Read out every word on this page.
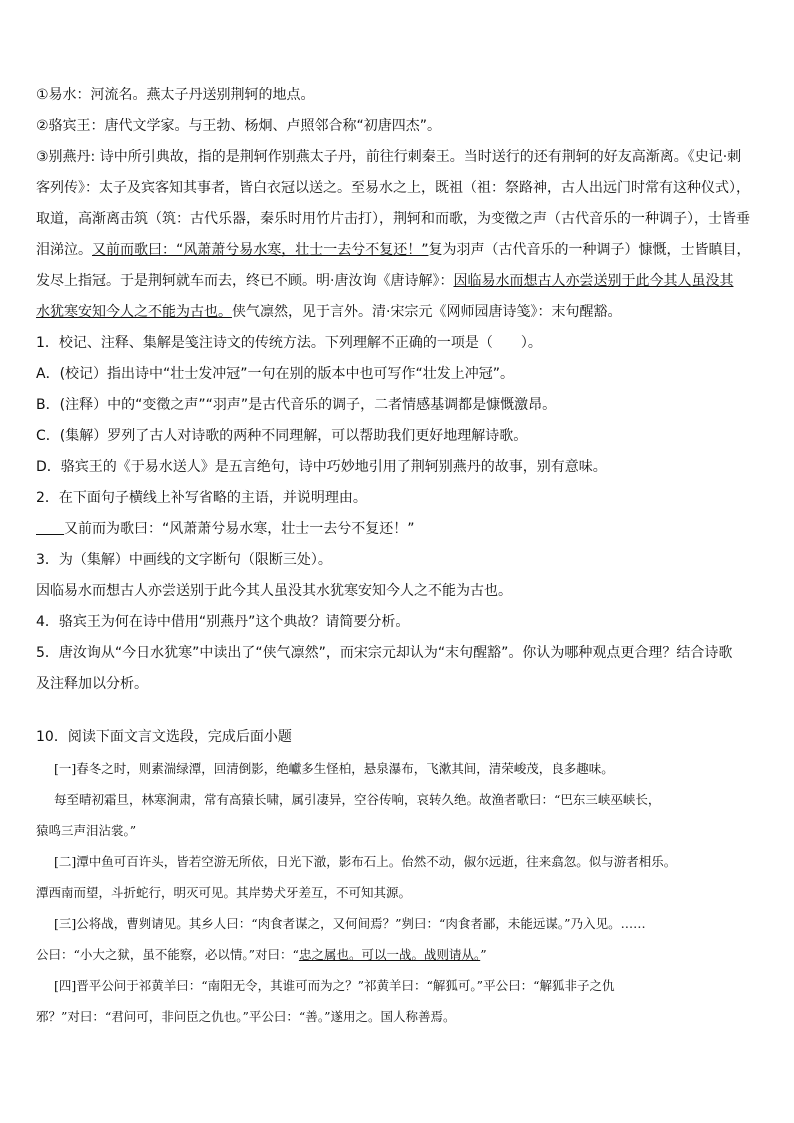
①易水：河流名。燕太子丹送别荆轲的地点。
②骆宾王：唐代文学家。与王勃、杨炯、卢照邻合称“初唐四杰”。
③别燕丹: 诗中所引典故，指的是荆轲作别燕太子丹，前往行刺秦王。当时送行的还有荆轲的好友高渐离。《史记·刺
客列传》：太子及宾客知其事者，皆白衣冠以送之。至易水之上，既祖（祖：祭路神，古人出远门时常有这种仪式），
取道，高渐离击筑（筑：古代乐器，秦乐时用竹片击打），荆轲和而歌，为变徵之声（古代音乐的一种调子），士皆垂
泪涕泣。又前而歌曰：“风萧萧兮易水寒，壮士一去兮不复还！”复为羽声（古代音乐的一种调子）慷慨，士皆瞋目，
发尽上指冠。于是荆轲就车而去，终已不顾。明·唐汝询《唐诗解》：因临易水而想古人亦尝送别于此今其人虽没其
水犹寒安知今人之不能为古也。侠气凛然，见于言外。清·宋宗元《网师园唐诗笺》：末句醒豁。
1．校记、注释、集解是笺注诗文的传统方法。下列理解不正确的一项是（　　）。
A．(校记）指出诗中“壮士发冲冠”一句在别的版本中也可写作“壮发上冲冠”。
B．(注释）中的“变徵之声”“羽声”是古代音乐的调子，二者情感基调都是慷慨激昂。
C．(集解）罗列了古人对诗歌的两种不同理解，可以帮助我们更好地理解诗歌。
D．骆宾王的《于易水送人》是五言绝句，诗中巧妙地引用了荆轲别燕丹的故事，别有意味。
2．在下面句子横线上补写省略的主语，并说明理由。
又前而为歌曰：“风萧萧兮易水寒，壮士一去兮不复还！”
3．为（集解）中画线的文字断句（限断三处）。
因临易水而想古人亦尝送别于此今其人虽没其水犹寒安知今人之不能为古也。
4．骆宾王为何在诗中借用“别燕丹”这个典故？请简要分析。
5．唐汝询从“今日水犹寒”中读出了“侠气凛然”，而宋宗元却认为“末句醒豁”。你认为哪种观点更合理？结合诗歌
及注释加以分析。
10．阅读下面文言文选段，完成后面小题
[一]春冬之时，则素湍绿潭，回清倒影，绝巘多生怪柏，悬泉瀑布，飞漱其间，清荣峻茂，良多趣味。
每至晴初霜旦，林寒涧肃，常有高猿长啸，属引凄异，空谷传响，哀转久绝。故渔者歌曰：“巴东三峡巫峡长，
猿鸣三声泪沾裳。”
[二]潭中鱼可百许头，皆若空游无所依，日光下澈，影布石上。佁然不动，俶尔远逝，往来翕忽。似与游者相乐。
潭西南而望，斗折蛇行，明灭可见。其岸势犬牙差互，不可知其源。
[三]公将战，曹刿请见。其乡人曰：“肉食者谋之，又何间焉？”刿曰：“肉食者鄙，未能远谋。”乃入见。……
公曰：“小大之狱，虽不能察，必以情。”对曰：“忠之属也。可以一战。战则请从。”
[四]晋平公问于祁黄羊曰：“南阳无令，其谁可而为之？”祁黄羊曰：“解狐可。”平公曰：“解狐非子之仇
邪？”对曰：“君问可，非问臣之仇也。”平公曰：“善。”遂用之。国人称善焉。
